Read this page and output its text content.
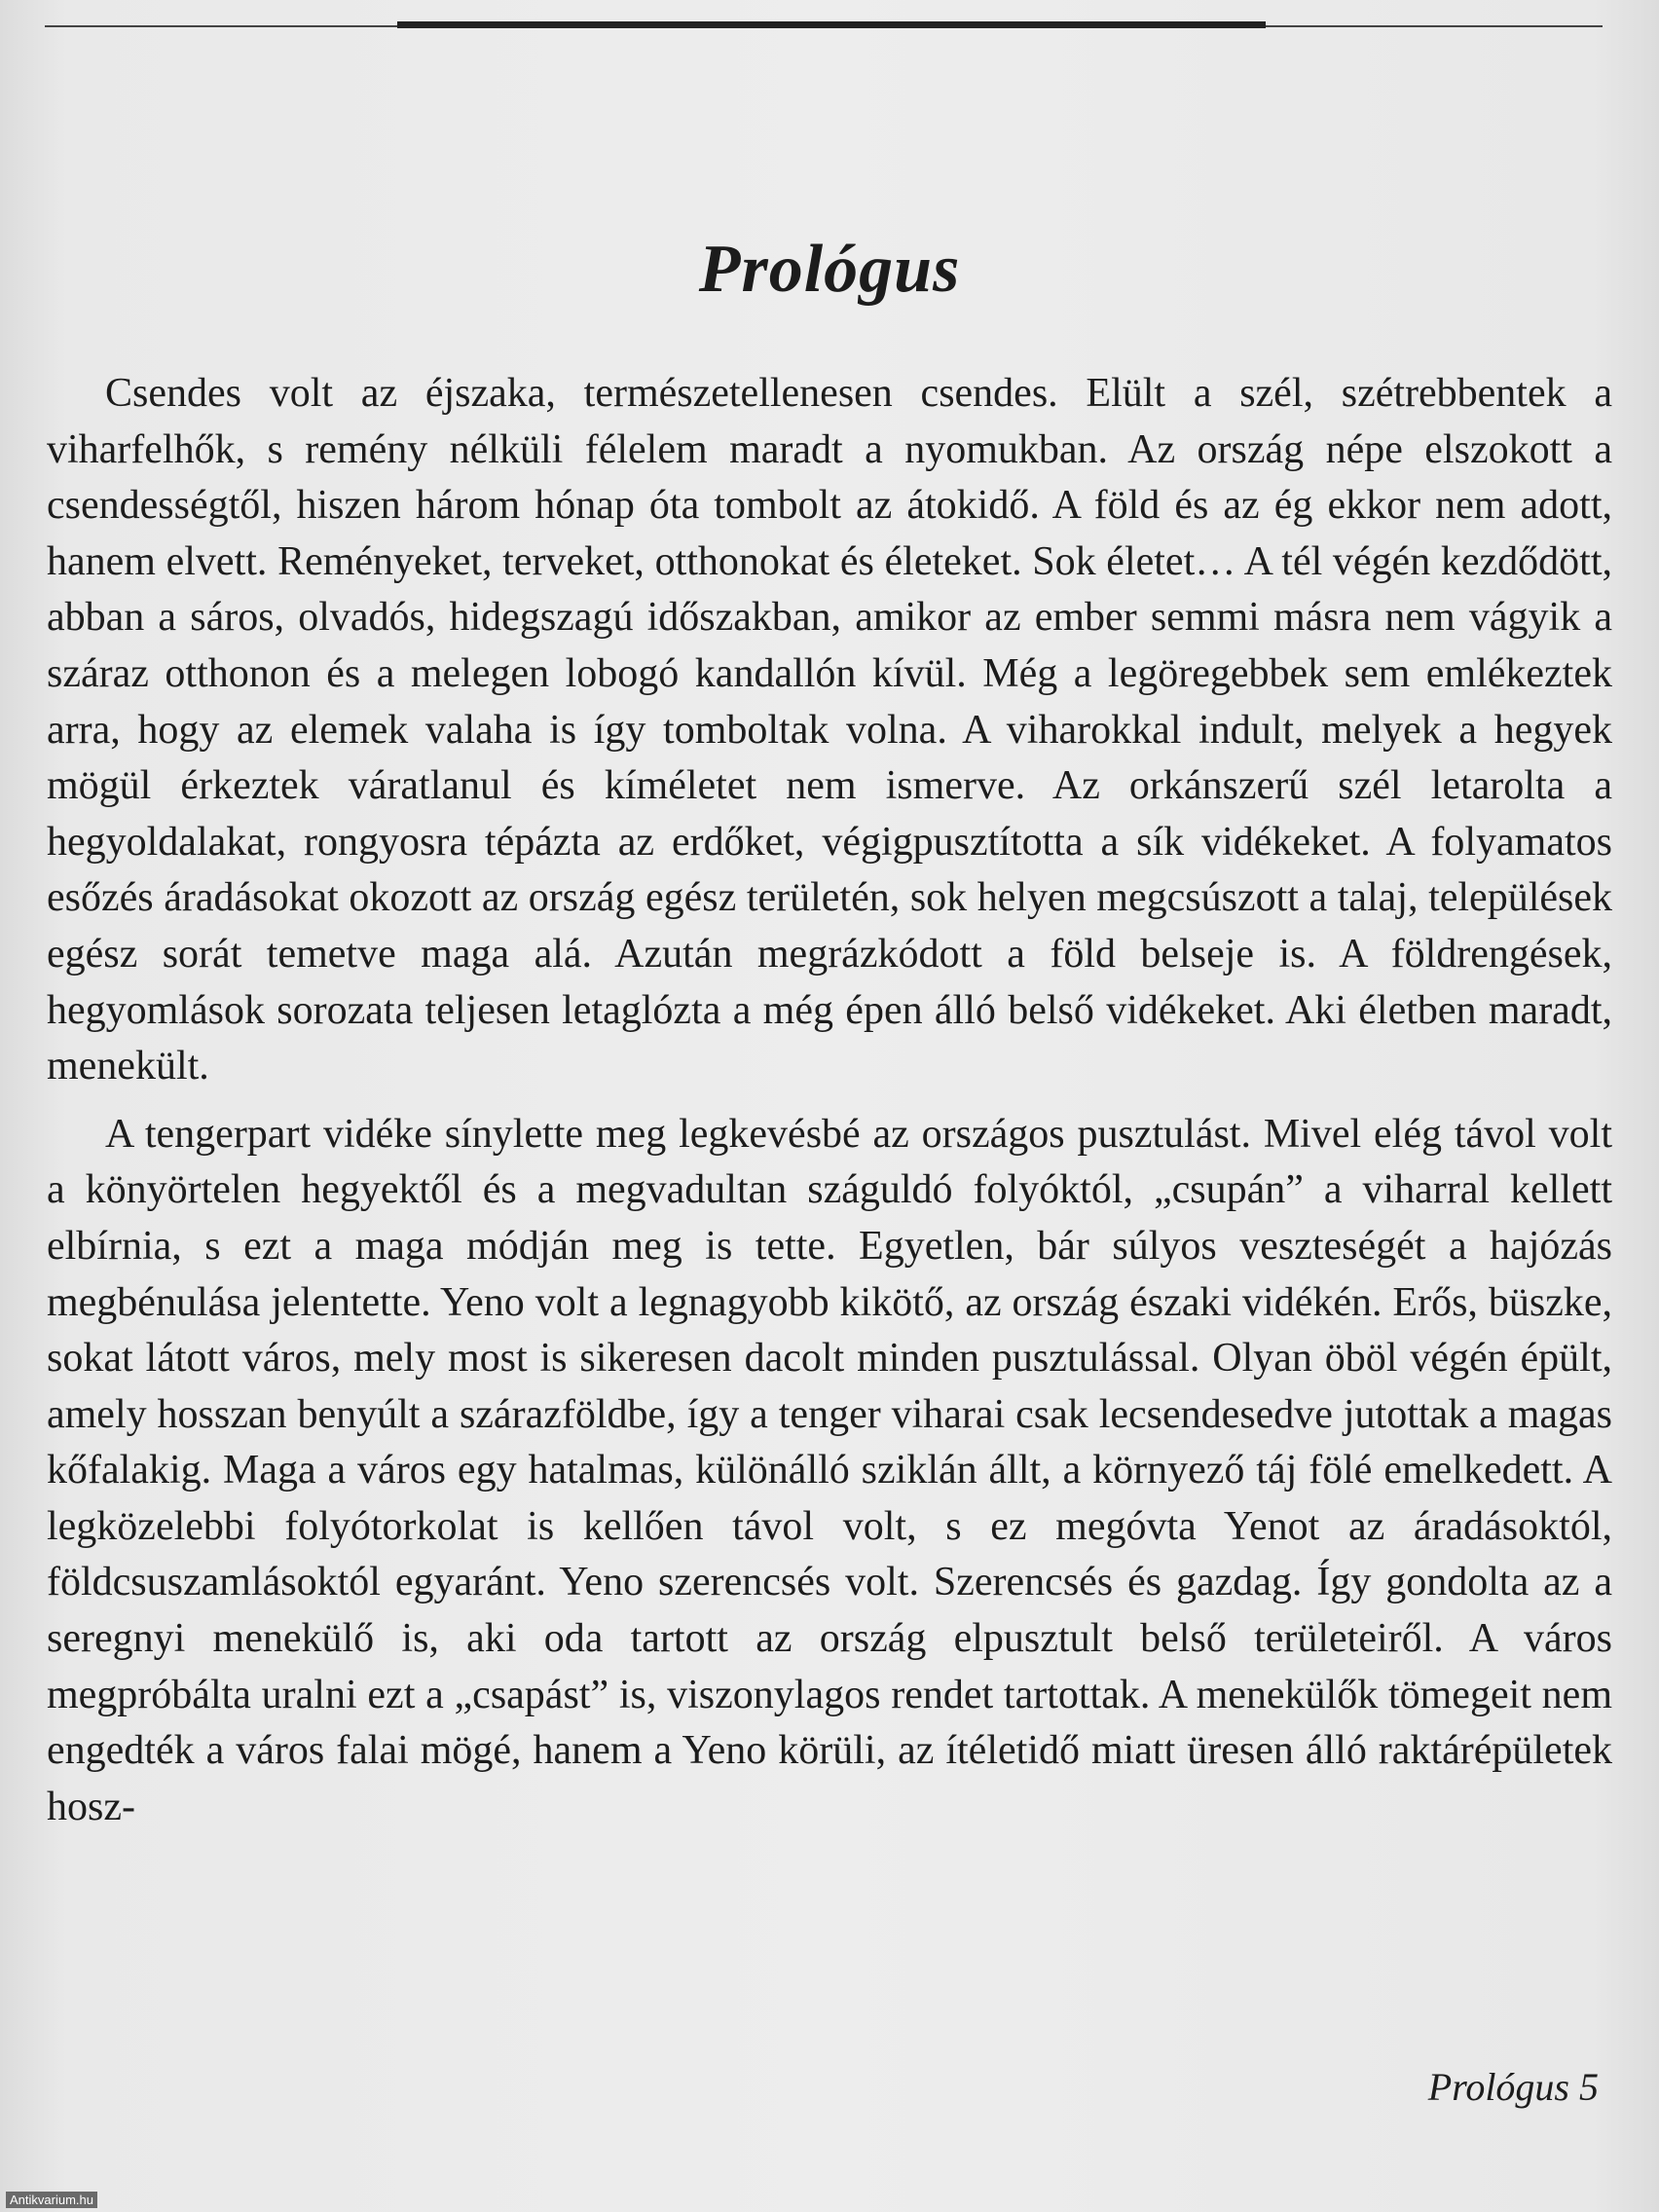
Prológus

Csendes volt az éjszaka, természetellenesen csendes. Elült a szél, szétrebbentek a viharfelhők, s remény nélküli félelem maradt a nyomukban. Az ország népe elszokott a csendességtől, hiszen három hónap óta tombolt az átokidő. A föld és az ég ekkor nem adott, hanem elvett. Reményeket, terveket, otthonokat és életeket. Sok életet… A tél végén kezdődött, abban a sáros, olvadós, hidegszagú időszakban, amikor az ember semmi másra nem vágyik a száraz otthonon és a melegen lobogó kandallón kívül. Még a legöregebbek sem emlékeztek arra, hogy az elemek valaha is így tomboltak volna. A viharokkal indult, melyek a hegyek mögül érkeztek váratlanul és kíméletet nem ismerve. Az orkánszerű szél letarolta a hegyoldalakat, rongyosra tépázta az erdőket, végigpusztította a sík vidékeket. A folyamatos esőzés áradásokat okozott az ország egész területén, sok helyen megcsúszott a talaj, települések egész sorát temetve maga alá. Azután megrázkódott a föld belseje is. A földrengések, hegyomlások sorozata teljesen letaglózta a még épen álló belső vidékeket. Aki életben maradt, menekült.

A tengerpart vidéke sínylette meg legkevésbé az országos pusztulást. Mivel elég távol volt a könyörtelen hegyektől és a megvadultan száguldó folyóktól, „csupán” a viharral kellett elbírnia, s ezt a maga módján meg is tette. Egyetlen, bár súlyos veszteségét a hajózás megbénulása jelentette. Yeno volt a legnagyobb kikötő, az ország északi vidékén. Erős, büszke, sokat látott város, mely most is sikeresen dacolt minden pusztulással. Olyan öböl végén épült, amely hosszan benyúlt a szárazföldbe, így a tenger viharai csak lecsendesedve jutottak a magas kőfalakig. Maga a város egy hatalmas, különálló sziklán állt, a környező táj fölé emelkedett. A legközelebbi folyótorkolat is kellően távol volt, s ez megóvta Yenot az áradásoktól, földcsuszamlásoktól egyaránt. Yeno szerencsés volt. Szerencsés és gazdag. Így gondolta az a seregnyi menekülő is, aki oda tartott az ország elpusztult belső területeiről. A város megpróbálta uralni ezt a „csapást” is, viszonylagos rendet tartottak. A menekülők tömegeit nem engedték a város falai mögé, hanem a Yeno körüli, az ítéletidő miatt üresen álló raktárépületek hosz-

Prológus 5

Antikvarium.hu
